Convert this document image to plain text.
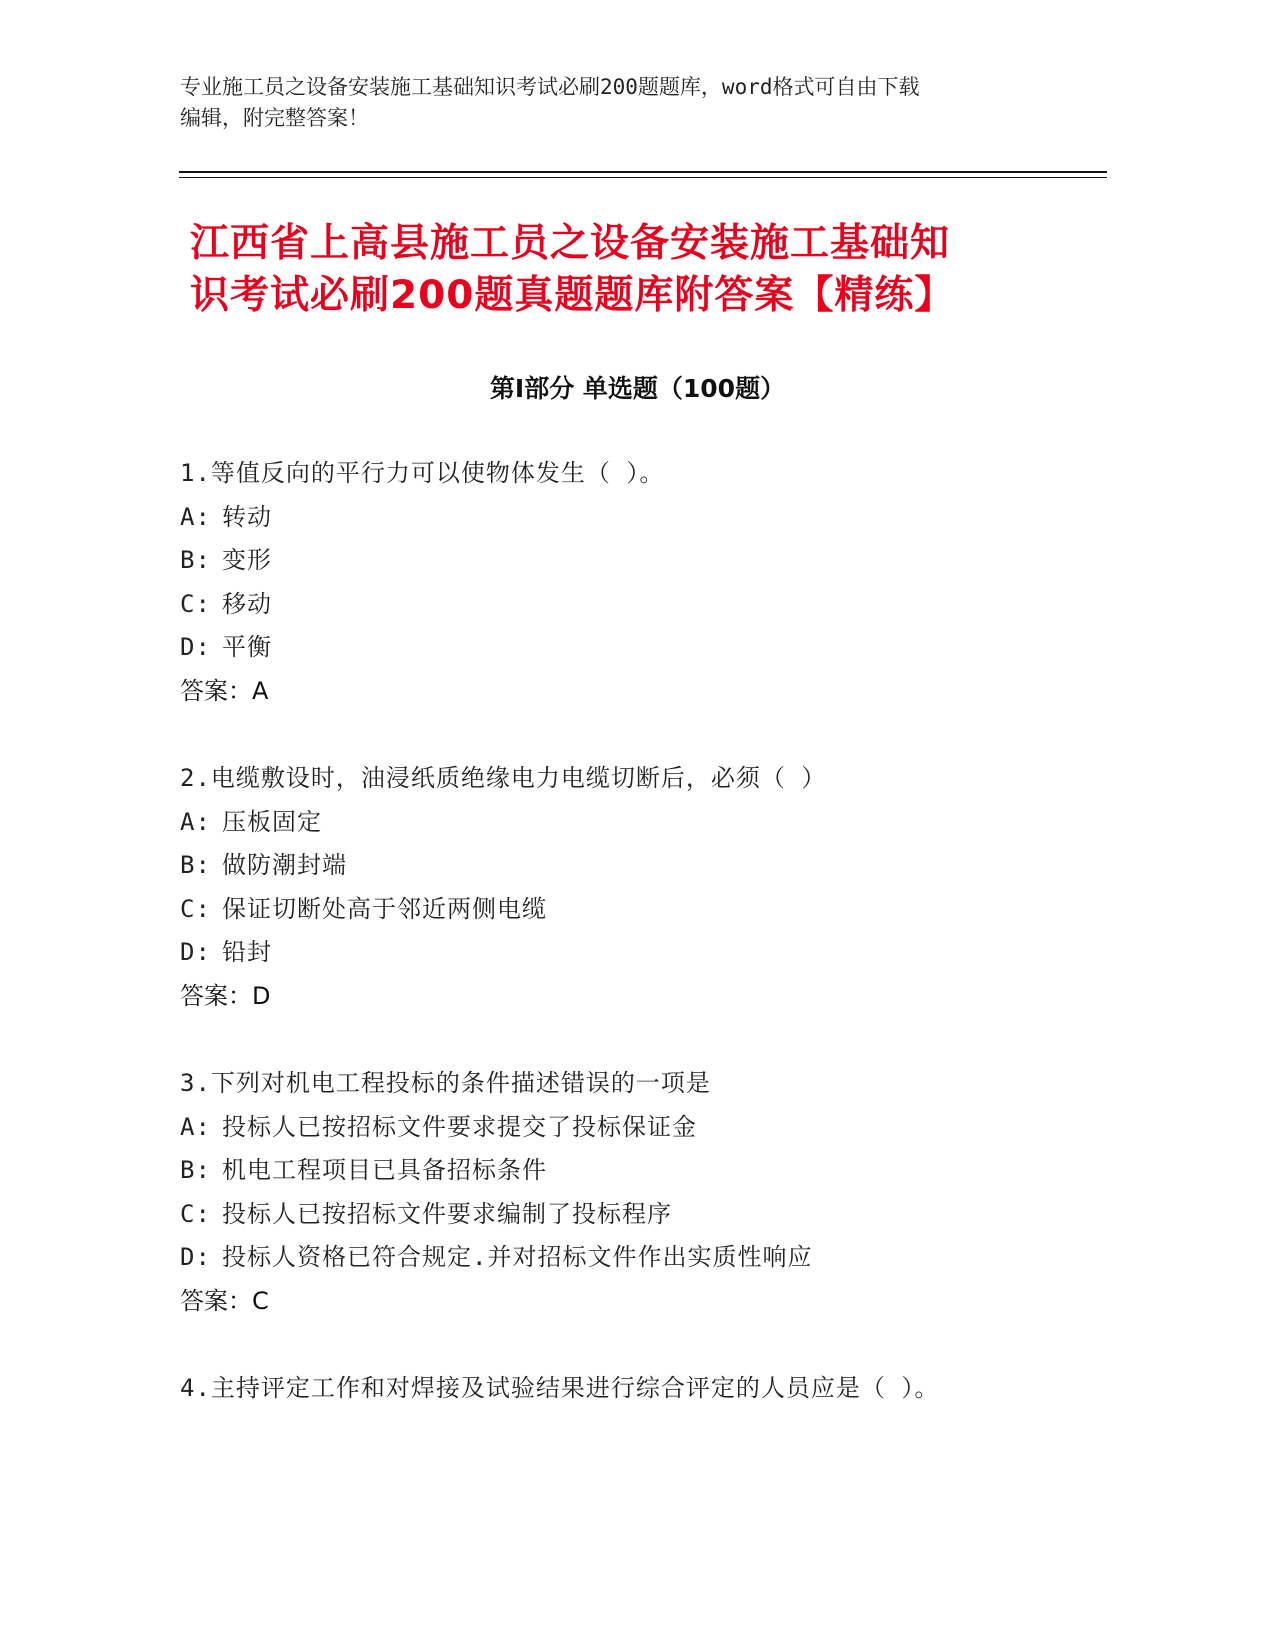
专业施工员之设备安装施工基础知识考试必刷200题题库，word格式可自由下载
编辑，附完整答案！
江西省上高县施工员之设备安装施工基础知
识考试必刷200题真题题库附答案【精练】
第Ⅰ部分 单选题（100题）
1.等值反向的平行力可以使物体发生（ ）。
A: 转动
B: 变形
C: 移动
D: 平衡
答案：A
2.电缆敷设时，油浸纸质绝缘电力电缆切断后，必须（ ）
A: 压板固定
B: 做防潮封端
C: 保证切断处高于邻近两侧电缆
D: 铅封
答案：D
3.下列对机电工程投标的条件描述错误的一项是
A: 投标人已按招标文件要求提交了投标保证金
B: 机电工程项目已具备招标条件
C: 投标人已按招标文件要求编制了投标程序
D: 投标人资格已符合规定.并对招标文件作出实质性响应
答案：C
4.主持评定工作和对焊接及试验结果进行综合评定的人员应是（ ）。
